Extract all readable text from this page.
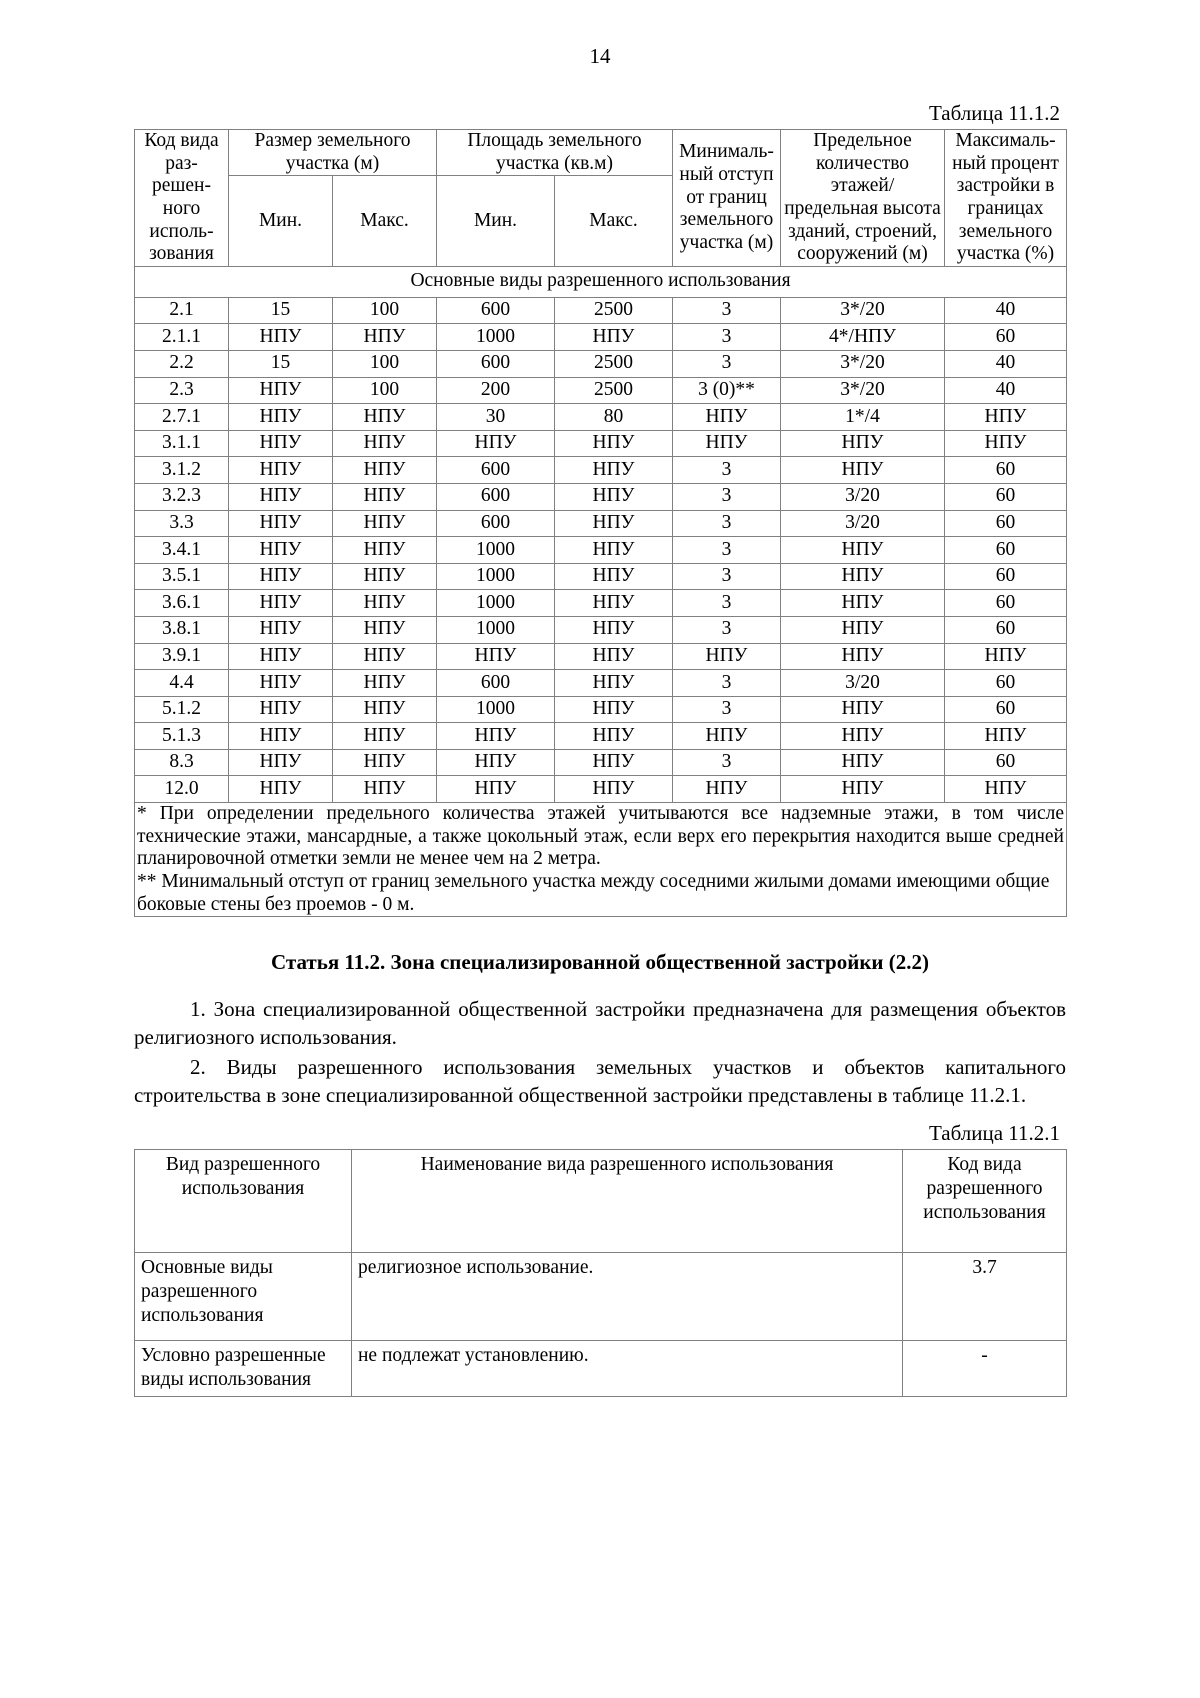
14
Таблица 11.1.2
Код вида раз-решен-ного исполь-зования	Размер земельного участка (м)		Площадь земельного участка (кв.м)		Минималь-ный отступ от границ земельного участка (м)	Предельное количество этажей/ предельная высота зданий, строений, сооружений (м)	Максималь-ный процент застройки в границах земельного участка (%)
	Мин.	Макс.	Мин.	Макс.			
Основные виды разрешенного использования							
2.1	15	100	600	2500	3	3*/20	40
2.1.1	НПУ	НПУ	1000	НПУ	3	4*/НПУ	60
2.2	15	100	600	2500	3	3*/20	40
2.3	НПУ	100	200	2500	3 (0)**	3*/20	40
2.7.1	НПУ	НПУ	30	80	НПУ	1*/4	НПУ
3.1.1	НПУ	НПУ	НПУ	НПУ	НПУ	НПУ	НПУ
3.1.2	НПУ	НПУ	600	НПУ	3	НПУ	60
3.2.3	НПУ	НПУ	600	НПУ	3	3/20	60
3.3	НПУ	НПУ	600	НПУ	3	3/20	60
3.4.1	НПУ	НПУ	1000	НПУ	3	НПУ	60
3.5.1	НПУ	НПУ	1000	НПУ	3	НПУ	60
3.6.1	НПУ	НПУ	1000	НПУ	3	НПУ	60
3.8.1	НПУ	НПУ	1000	НПУ	3	НПУ	60
3.9.1	НПУ	НПУ	НПУ	НПУ	НПУ	НПУ	НПУ
4.4	НПУ	НПУ	600	НПУ	3	3/20	60
5.1.2	НПУ	НПУ	1000	НПУ	3	НПУ	60
5.1.3	НПУ	НПУ	НПУ	НПУ	НПУ	НПУ	НПУ
8.3	НПУ	НПУ	НПУ	НПУ	3	НПУ	60
12.0	НПУ	НПУ	НПУ	НПУ	НПУ	НПУ	НПУ

* При определении предельного количества этажей учитываются все надземные этажи, в том числе технические этажи, мансардные, а также цокольный этаж, если верх его перекрытия находится выше средней планировочной отметки земли не менее чем на 2 метра.

** Минимальный отступ от границ земельного участка между соседними жилыми домами имеющими общие боковые стены без проемов - 0 м.							

Статья 11.2. Зона специализированной общественной застройки (2.2)

1. Зона специализированной общественной застройки предназначена для размещения объектов религиозного использования.

2. Виды разрешенного использования земельных участков и объектов капитального строительства в зоне специализированной общественной застройки представлены в таблице 11.2.1.

Таблица 11.2.1
Вид разрешенного использования	Наименование вида разрешенного использования	Код вида разрешенного использования
Основные виды разрешенного использования	религиозное использование.	3.7
Условно разрешенные виды использования	не подлежат установлению.	-
